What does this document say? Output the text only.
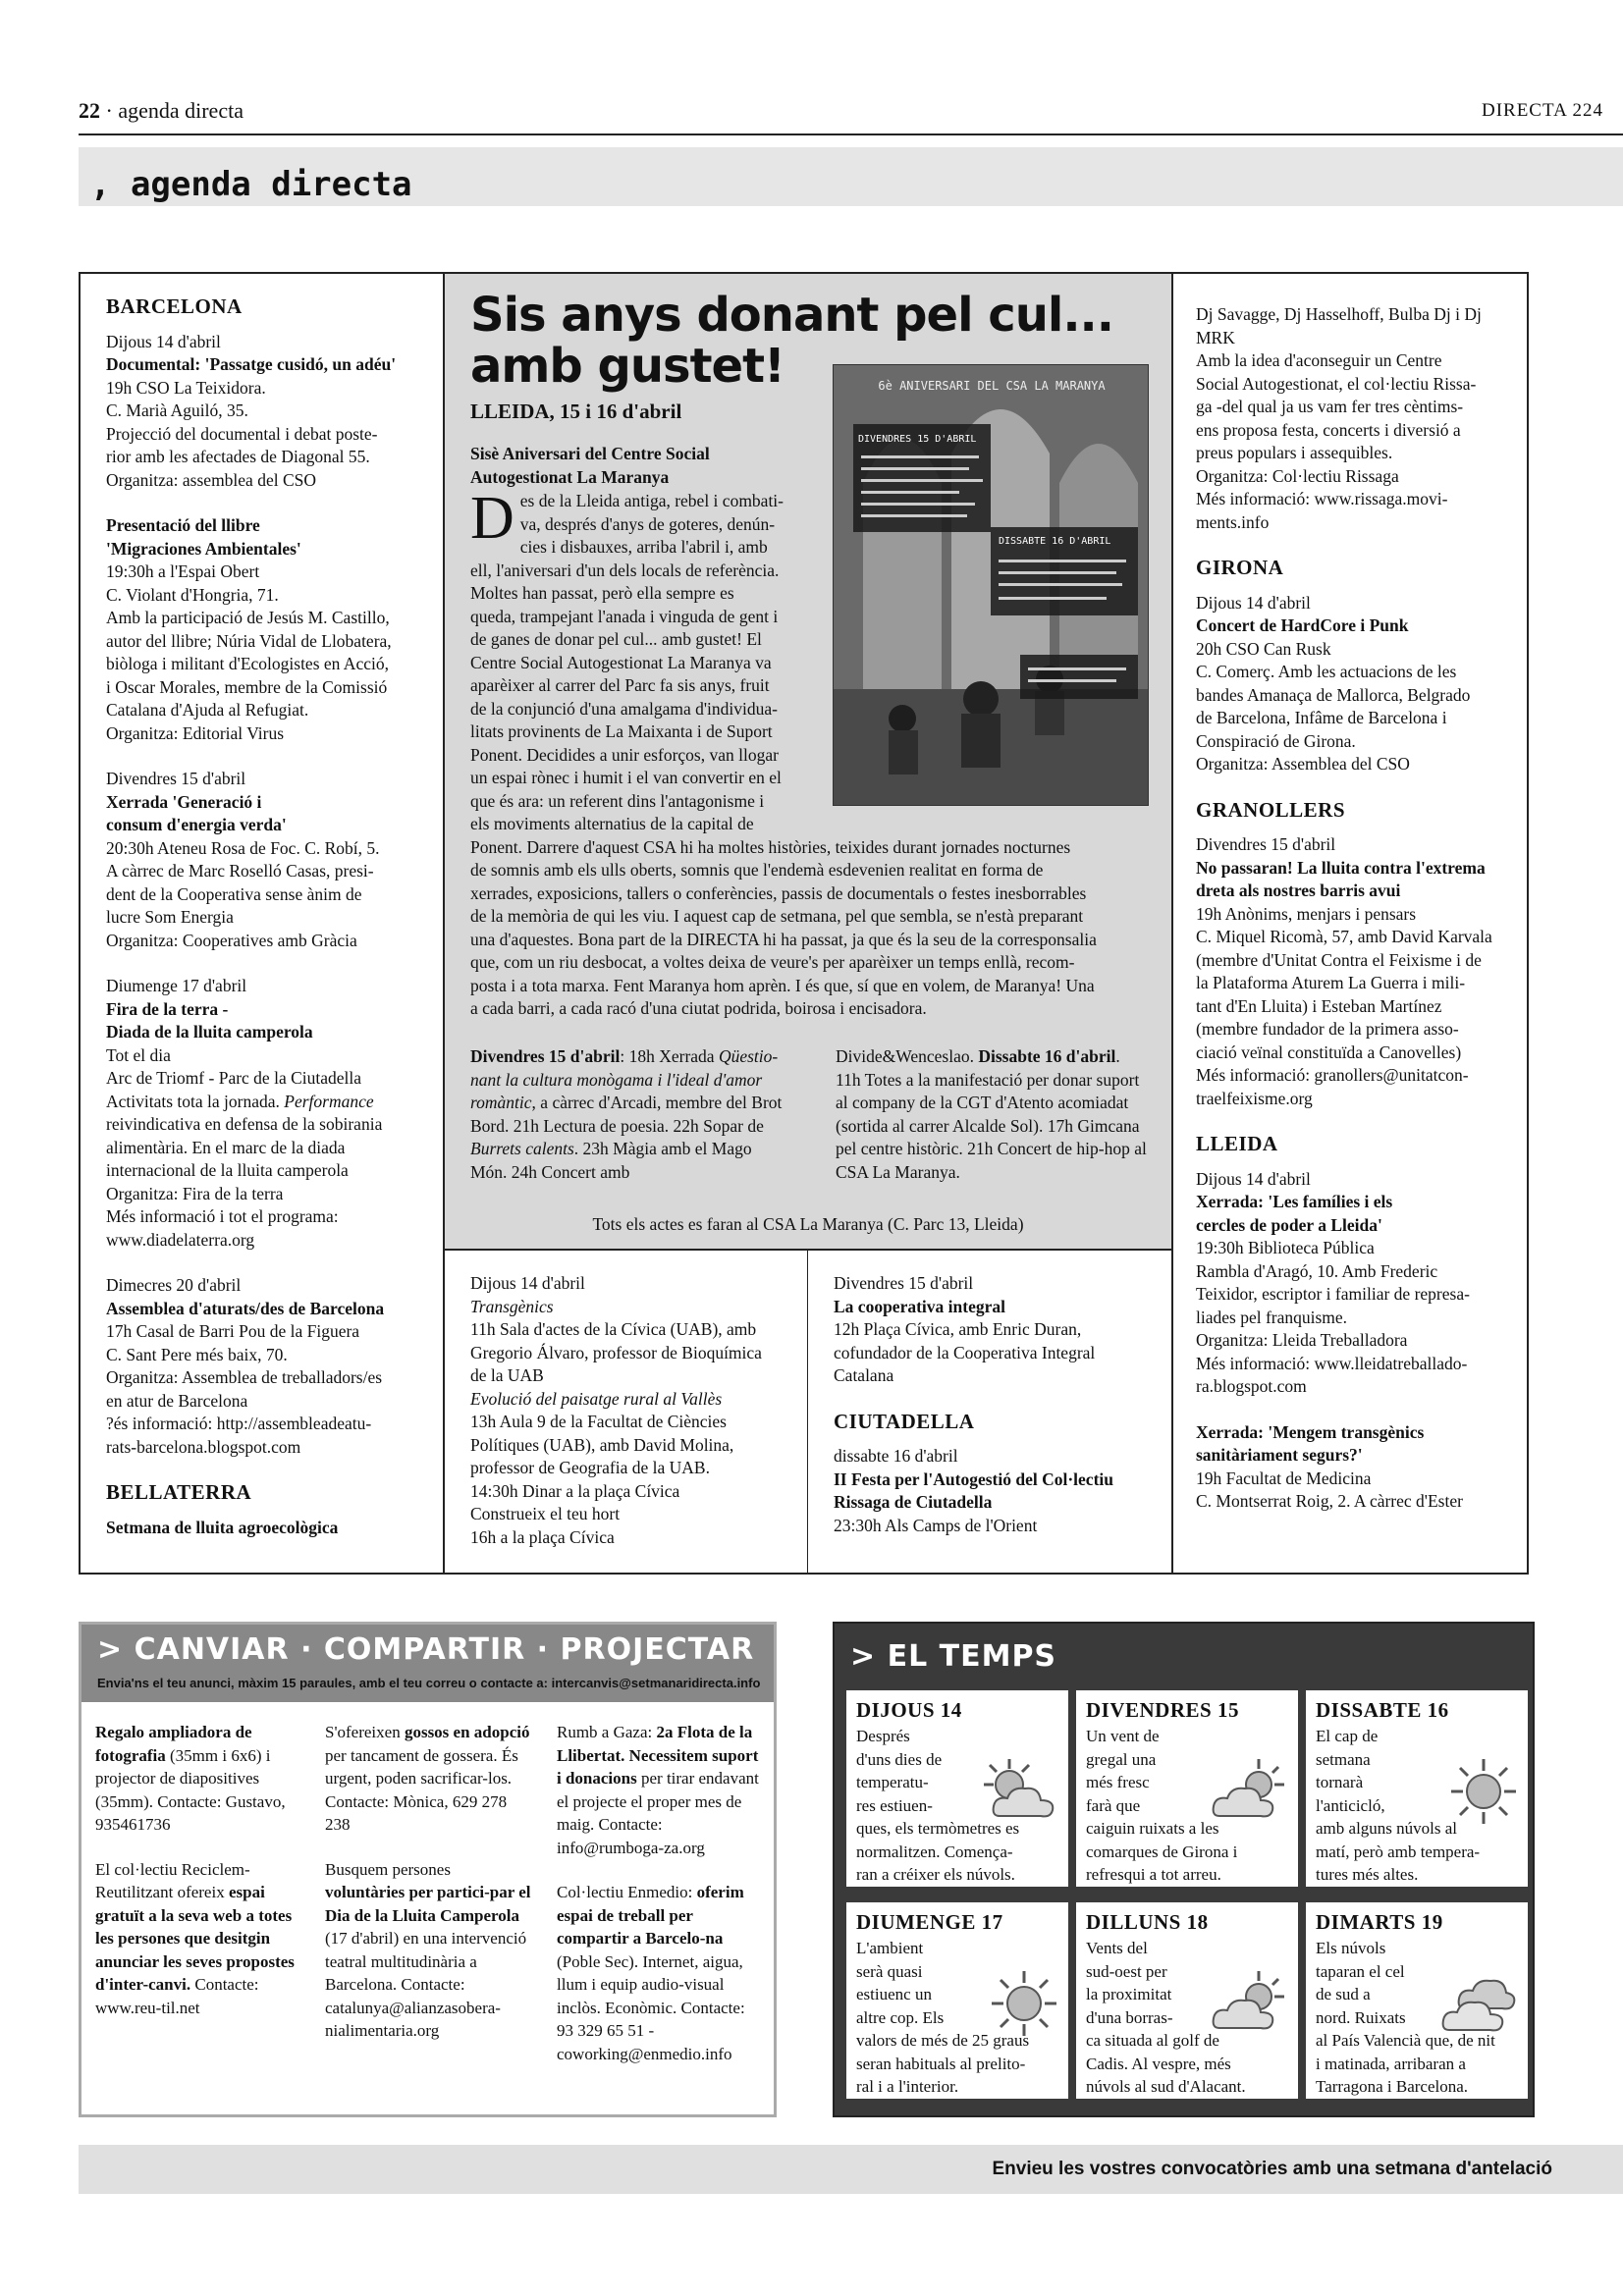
22 · agenda directa	DIRECTA 224
, agenda directa
BARCELONA

Dijous 14 d'abril
Documental: 'Passatge cusidó, un adéu'
19h CSO La Teixidora.
C. Marià Aguiló, 35.
Projecció del documental i debat poste-
rior amb les afectades de Diagonal 55.
Organitza: assemblea del CSO

Presentació del llibre
'Migraciones Ambientales'
19:30h a l'Espai Obert
C. Violant d'Hongria, 71.
Amb la participació de Jesús M. Castillo,
autor del llibre; Núria Vidal de Llobatera,
biòloga i militant d'Ecologistes en Acció,
i Oscar Morales, membre de la Comissió
Catalana d'Ajuda al Refugiat.
Organitza: Editorial Virus

Divendres 15 d'abril
Xerrada 'Generació i
consum d'energia verda'
20:30h Ateneu Rosa de Foc. C. Robí, 5.
A càrrec de Marc Roselló Casas, presi-
dent de la Cooperativa sense ànim de
lucre Som Energia
Organitza: Cooperatives amb Gràcia

Diumenge 17 d'abril
Fira de la terra -
Diada de la lluita camperola
Tot el dia
Arc de Triomf - Parc de la Ciutadella
Activitats tota la jornada. Performance
reivindicativa en defensa de la sobirania
alimentària. En el marc de la diada
internacional de la lluita camperola
Organitza: Fira de la terra
Més informació i tot el programa:
www.diadelaterra.org

Dimecres 20 d'abril
Assemblea d'aturats/des de Barcelona
17h Casal de Barri Pou de la Figuera
C. Sant Pere més baix, 70.
Organitza: Assemblea de treballadors/es
en atur de Barcelona
?és informació: http://assembleadeatu-
rats-barcelona.blogspot.com

BELLATERRA

Setmana de lluita agroecològica

Sis anys donant pel cul...
amb gustet!
LLEIDA, 15 i 16 d'abril
Sisè Aniversari del Centre Social
Autogestionat La Maranya
6è ANIVERSARI DEL CSA LA MARANYA
DIVENDRES 15 D'ABRIL
DISSABTE 16 D'ABRIL
D es de la Lleida antiga, rebel i combati-
va, després d'anys de goteres, denún-
cies i disbauxes, arriba l'abril i, amb
ell, l'aniversari d'un dels locals de referència.
Moltes han passat, però ella sempre es
queda, trampejant l'anada i vinguda de gent i
de ganes de donar pel cul... amb gustet! El
Centre Social Autogestionat La Maranya va
aparèixer al carrer del Parc fa sis anys, fruit
de la conjunció d'una amalgama d'individua-
litats provinents de La Maixanta i de Suport
Ponent. Decidides a unir esforços, van llogar
un espai rònec i humit i el van convertir en el
que és ara: un referent dins l'antagonisme i
els moviments alternatius de la capital de
Ponent. Darrere d'aquest CSA hi ha moltes històries, teixides durant jornades nocturnes
de somnis amb els ulls oberts, somnis que l'endemà esdevenien realitat en forma de
xerrades, exposicions, tallers o conferències, passis de documentals o festes inesborrables
de la memòria de qui les viu. I aquest cap de setmana, pel que sembla, se n'està preparant
una d'aquestes. Bona part de la DIRECTA hi ha passat, ja que és la seu de la corresponsalia
que, com un riu desbocat, a voltes deixa de veure's per aparèixer un temps enllà, recom-
posta i a tota marxa. Fent Maranya hom aprèn. I és que, sí que en volem, de Maranya! Una
a cada barri, a cada racó d'una ciutat podrida, boirosa i encisadora.
Divendres 15 d'abril: 18h Xerrada Qüestio-nant la cultura monògama i l'ideal d'amor romàntic, a càrrec d'Arcadi, membre del Brot Bord. 21h Lectura de poesia. 22h Sopar de Burrets calents. 23h Màgia amb el Mago Món. 24h Concert amb
Divide&Wenceslao. Dissabte 16 d'abril. 11h Totes a la manifestació per donar suport al company de la CGT d'Atento acomiadat (sortida al carrer Alcalde Sol). 17h Gimcana pel centre històric. 21h Concert de hip-hop al CSA La Maranya.
Tots els actes es faran al CSA La Maranya (C. Parc 13, Lleida)
Dijous 14 d'abril
Transgènics
11h Sala d'actes de la Cívica (UAB), amb
Gregorio Álvaro, professor de Bioquímica
de la UAB
Evolució del paisatge rural al Vallès
13h Aula 9 de la Facultat de Ciències
Polítiques (UAB), amb David Molina,
professor de Geografia de la UAB.
14:30h Dinar a la plaça Cívica
Construeix el teu hort
16h a la plaça Cívica

Divendres 15 d'abril
La cooperativa integral
12h Plaça Cívica, amb Enric Duran,
cofundador de la Cooperativa Integral
Catalana

CIUTADELLA

dissabte 16 d'abril
II Festa per l'Autogestió del Col·lectiu
Rissaga de Ciutadella
23:30h Als Camps de l'Orient

Dj Savagge, Dj Hasselhoff, Bulba Dj i Dj
MRK
Amb la idea d'aconseguir un Centre
Social Autogestionat, el col·lectiu Rissa-
ga -del qual ja us vam fer tres cèntims-
ens proposa festa, concerts i diversió a
preus populars i assequibles.
Organitza: Col·lectiu Rissaga
Més informació: www.rissaga.movi-
ments.info

GIRONA

Dijous 14 d'abril
Concert de HardCore i Punk
20h CSO Can Rusk
C. Comerç. Amb les actuacions de les
bandes Amanaça de Mallorca, Belgrado
de Barcelona, Infâme de Barcelona i
Conspiració de Girona.
Organitza: Assemblea del CSO

GRANOLLERS

Divendres 15 d'abril
No passaran! La lluita contra l'extrema
dreta als nostres barris avui
19h Anònims, menjars i pensars
C. Miquel Ricomà, 57, amb David Karvala
(membre d'Unitat Contra el Feixisme i de
la Plataforma Aturem La Guerra i mili-
tant d'En Lluita) i Esteban Martínez
(membre fundador de la primera asso-
ciació veïnal constituïda a Canovelles)
Més informació: granollers@unitatcon-
traelfeixisme.org

LLEIDA

Dijous 14 d'abril
Xerrada: 'Les famílies i els
cercles de poder a Lleida'
19:30h Biblioteca Pública
Rambla d'Aragó, 10. Amb Frederic
Teixidor, escriptor i familiar de represa-
liades pel franquisme.
Organitza: Lleida Treballadora
Més informació: www.lleidatreballado-
ra.blogspot.com

Xerrada: 'Mengem transgènics
sanitàriament segurs?'
19h Facultat de Medicina
C. Montserrat Roig, 2. A càrrec d'Ester

> CANVIAR · COMPARTIR · PROJECTAR
Envia'ns el teu anunci, màxim 15 paraules, amb el teu correu o contacte a: intercanvis@setmanaridirecta.info

Regalo ampliadora de fotografia (35mm i 6x6) i projector de diapositives (35mm). Contacte: Gustavo, 935461736

El col·lectiu Reciclem-Reutilitzant ofereix espai gratuït a la seva web a totes les persones que desitgin anunciar les seves propostes d'inter-canvi. Contacte: www.reu-til.net

S'ofereixen gossos en adopció per tancament de gossera. És urgent, poden sacrificar-los. Contacte: Mònica, 629 278 238

Busquem persones voluntàries per partici-par el Dia de la Lluita Camperola (17 d'abril) en una intervenció teatral multitudinària a Barcelona. Contacte: catalunya@alianzasobera-nialimentaria.org

Rumb a Gaza: 2a Flota de la Llibertat. Necessitem suport i donacions per tirar endavant el projecte el proper mes de maig. Contacte: info@rumboga-za.org

Col·lectiu Enmedio: oferim espai de treball per compartir a Barcelo-na (Poble Sec). Internet, aigua, llum i equip audio-visual inclòs. Econòmic. Contacte: 93 329 65 51 - coworking@enmedio.info

> EL TEMPS
DIJOUS 14
Després
d'uns dies de
temperatu-
res estiuen-
ques, els termòmetres es
normalitzen. Comença-
ran a créixer els núvols.
DIVENDRES 15
Un vent de
gregal una
més fresc
farà que
caiguin ruixats a les
comarques de Girona i
refresqui a tot arreu.
DISSABTE 16
El cap de
setmana
tornarà
l'anticicló,
amb alguns núvols al
matí, però amb tempera-
tures més altes.
DIUMENGE 17
L'ambient
serà quasi
estiuenc un
altre cop. Els
valors de més de 25 graus
seran habituals al prelito-
ral i a l'interior.
DILLUNS 18
Vents del
sud-oest per
la proximitat
d'una borras-
ca situada al golf de
Cadis. Al vespre, més
núvols al sud d'Alacant.
DIMARTS 19
Els núvols
taparan el cel
de sud a
nord. Ruixats
al País Valencià que, de nit
i matinada, arribaran a
Tarragona i Barcelona.
Envieu les vostres convocatòries amb una setmana d'antelació
